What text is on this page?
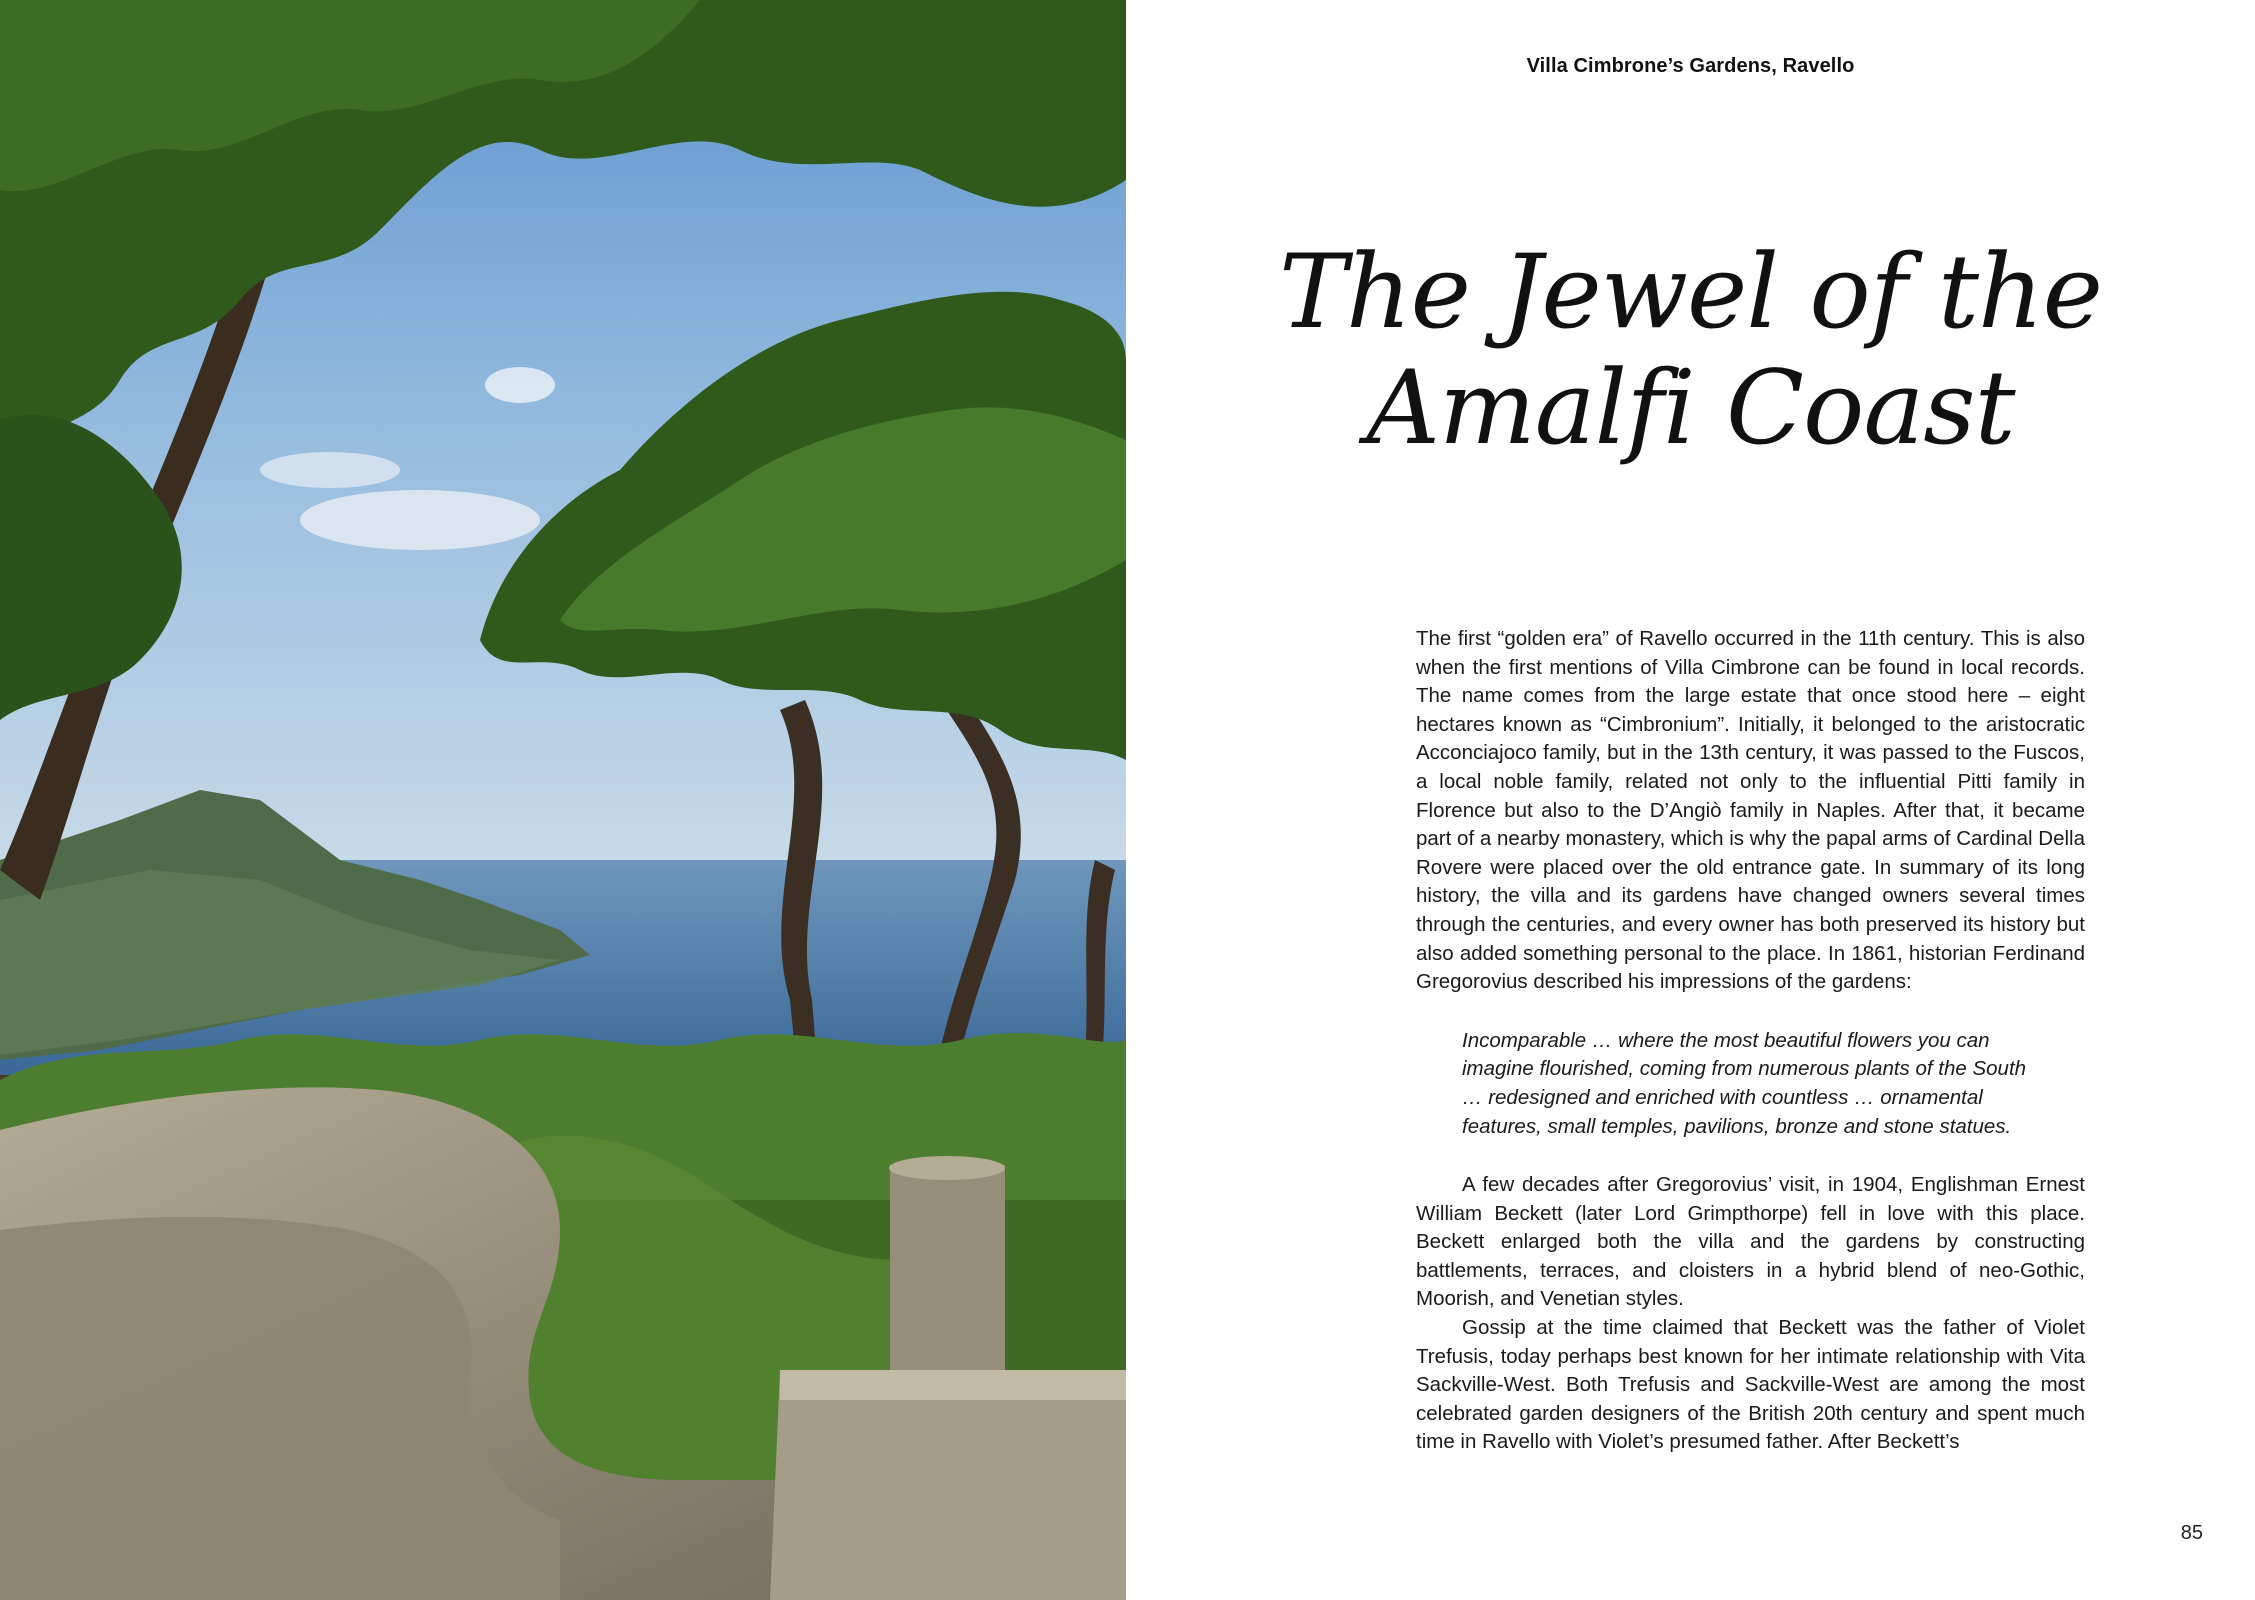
Villa Cimbrone’s Gardens, Ravello
The Jewel of the
Amalfi Coast

The first “golden era” of Ravello occurred in the 11th century. This is also when the first mentions of Villa Cimbrone can be found in local records. The name comes from the large estate that once stood here – eight hectares known as “Cimbronium”. Initially, it belonged to the aristocratic Acconciajoco family, but in the 13th century, it was passed to the Fuscos, a local noble family, related not only to the influential Pitti family in Florence but also to the D’Angiò family in Naples. After that, it became part of a nearby monastery, which is why the papal arms of Cardinal Della Rovere were placed over the old entrance gate. In summary of its long history, the villa and its gardens have changed owners several times through the centuries, and every owner has both preserved its history but also added something personal to the place. In 1861, historian Ferdinand Gregorovius described his impressions of the gardens:

Incomparable … where the most beautiful flowers you can imagine flourished, coming from numerous plants of the South … redesigned and enriched with countless … ornamental features, small temples, pavilions, bronze and stone statues.

A few decades after Gregorovius’ visit, in 1904, Englishman Ernest William Beckett (later Lord Grimpthorpe) fell in love with this place. Beckett enlarged both the villa and the gardens by constructing battlements, terraces, and cloisters in a hybrid blend of neo-Gothic, Moorish, and Venetian styles.

Gossip at the time claimed that Beckett was the father of Violet Trefusis, today perhaps best known for her intimate relationship with Vita Sackville-West. Both Trefusis and Sackville-West are among the most celebrated garden designers of the British 20th century and spent much time in Ravello with Violet’s presumed father. After Beckett’s

85
